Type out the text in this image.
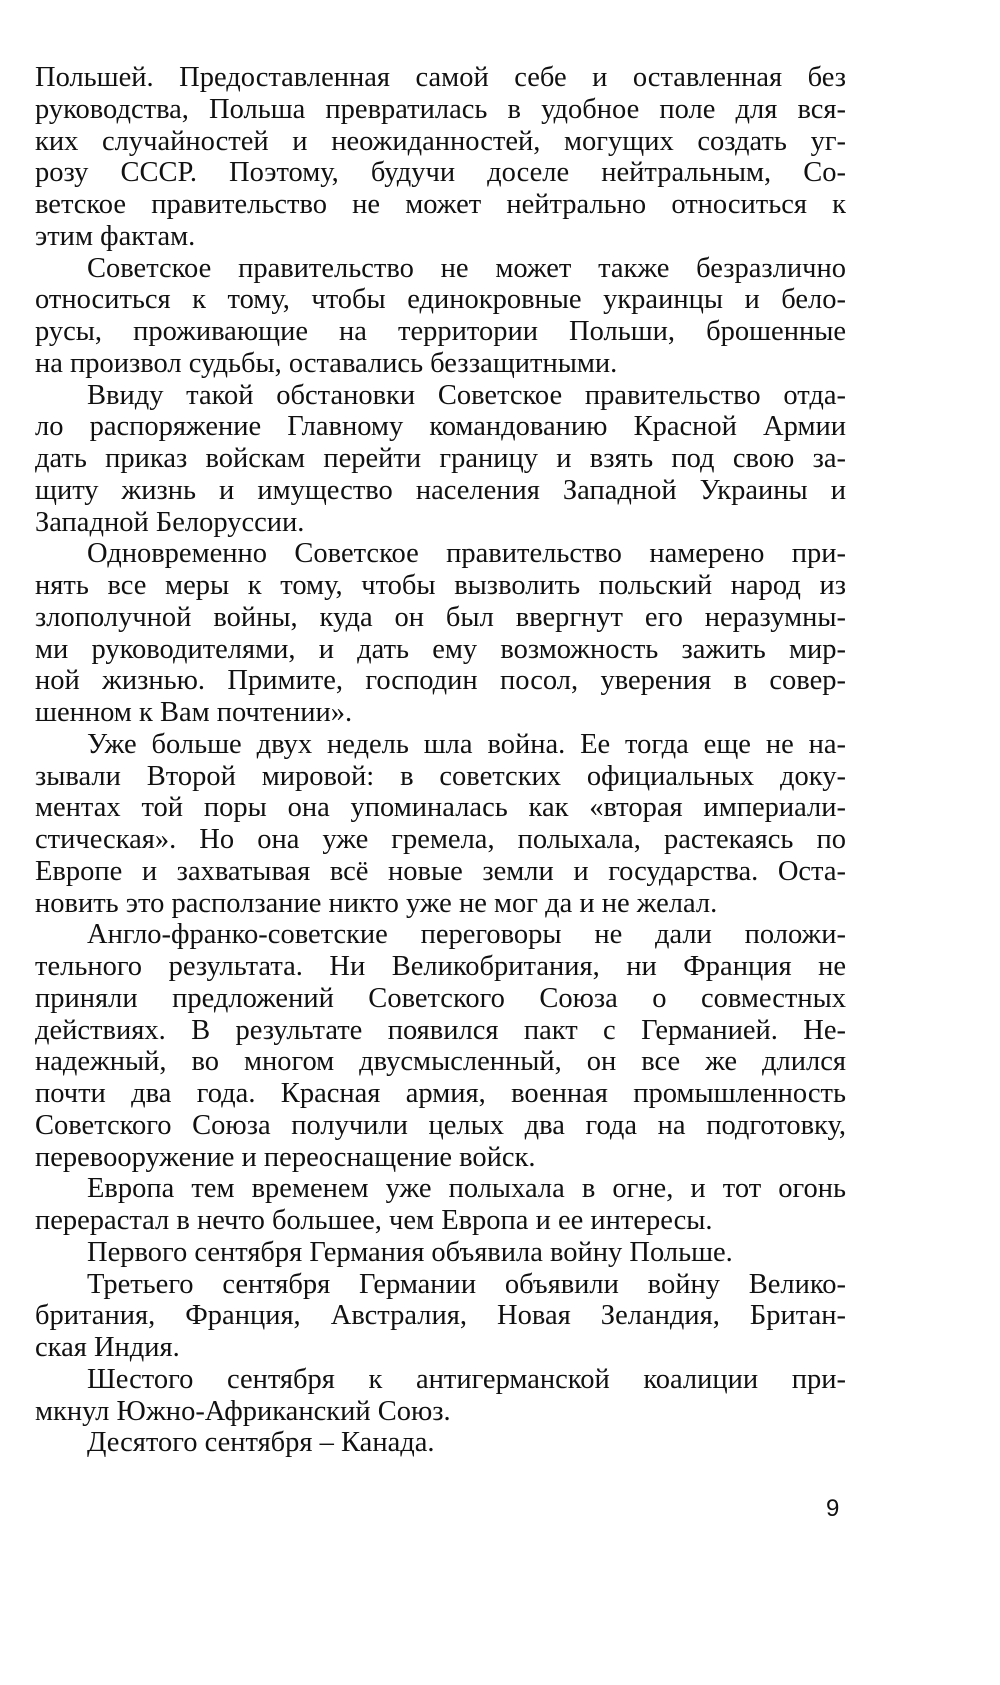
Польшей. Предоставленная самой себе и оставленная без
руководства, Польша превратилась в удобное поле для вся-
ких случайностей и неожиданностей, могущих создать уг-
розу СССР. Поэтому, будучи доселе нейтральным, Со-
ветское правительство не может нейтрально относиться к
этим фактам.
Советское правительство не может также безразлично
относиться к тому, чтобы единокровные украинцы и бело-
русы, проживающие на территории Польши, брошенные
на произвол судьбы, оставались беззащитными.
Ввиду такой обстановки Советское правительство отда-
ло распоряжение Главному командованию Красной Армии
дать приказ войскам перейти границу и взять под свою за-
щиту жизнь и имущество населения Западной Украины и
Западной Белоруссии.
Одновременно Советское правительство намерено при-
нять все меры к тому, чтобы вызволить польский народ из
злополучной войны, куда он был ввергнут его неразумны-
ми руководителями, и дать ему возможность зажить мир-
ной жизнью. Примите, господин посол, уверения в совер-
шенном к Вам почтении».
Уже больше двух недель шла война. Ее тогда еще не на-
зывали Второй мировой: в советских официальных доку-
ментах той поры она упоминалась как «вторая империали-
стическая». Но она уже гремела, полыхала, растекаясь по
Европе и захватывая всё новые земли и государства. Оста-
новить это расползание никто уже не мог да и не желал.
Англо-франко-советские переговоры не дали положи-
тельного результата. Ни Великобритания, ни Франция не
приняли предложений Советского Союза о совместных
действиях. В результате появился пакт с Германией. Не-
надежный, во многом двусмысленный, он все же длился
почти два года. Красная армия, военная промышленность
Советского Союза получили целых два года на подготовку,
перевооружение и переоснащение войск.
Европа тем временем уже полыхала в огне, и тот огонь
перерастал в нечто большее, чем Европа и ее интересы.
Первого сентября Германия объявила войну Польше.
Третьего сентября Германии объявили войну Велико-
британия, Франция, Австралия, Новая Зеландия, Британ-
ская Индия.
Шестого сентября к антигерманской коалиции при-
мкнул Южно-Африканский Союз.
Десятого сентября – Канада.
9
